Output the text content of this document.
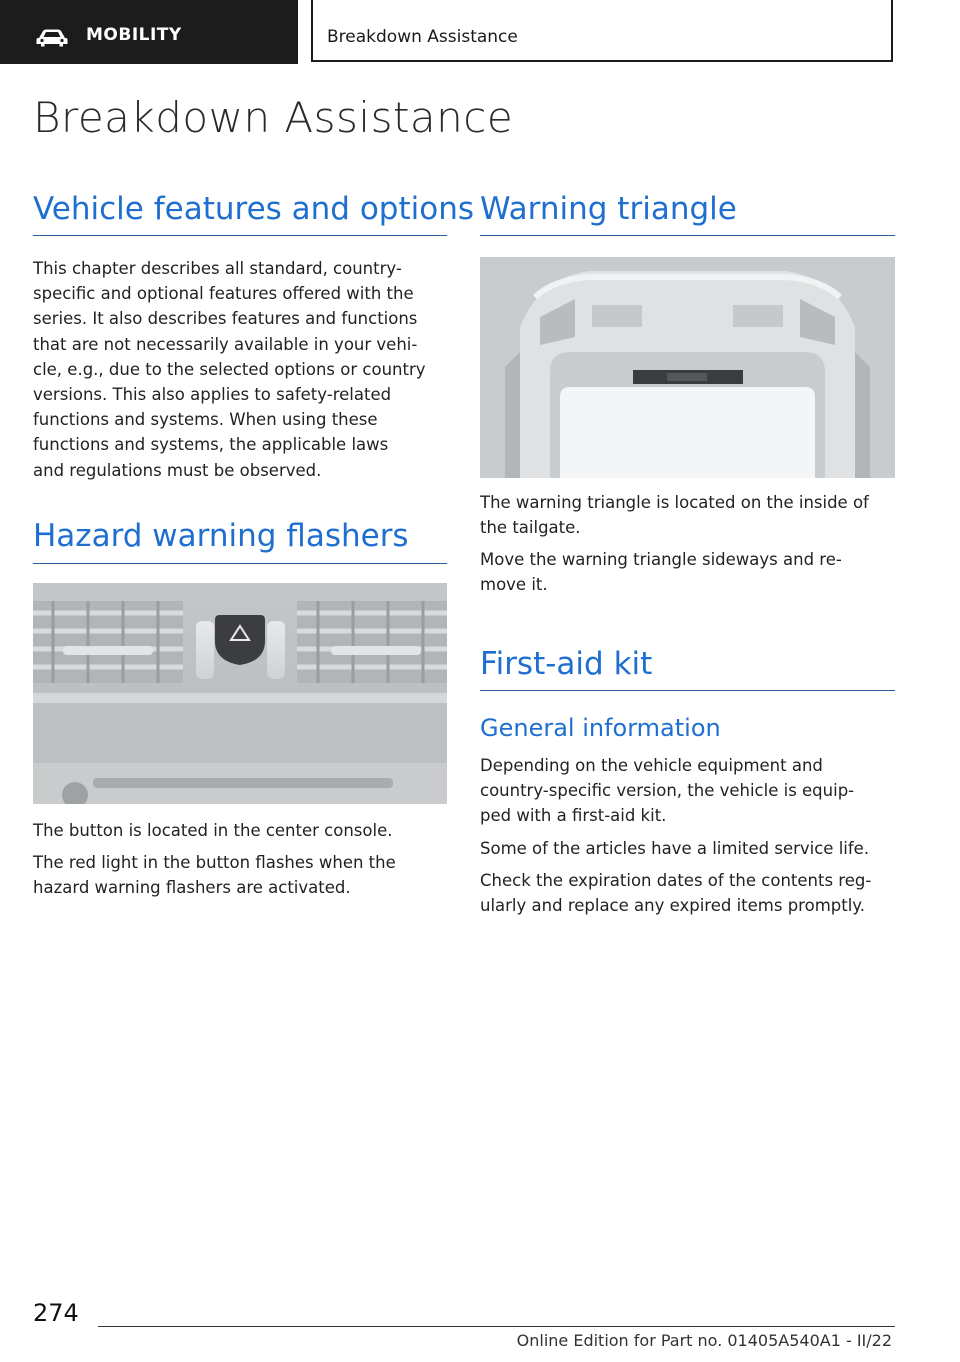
MOBILITY	Breakdown Assistance
Breakdown Assistance
Vehicle features and options

This chapter describes all standard, country-
specific and optional features offered with the
series. It also describes features and functions
that are not necessarily available in your vehi-
cle, e.g., due to the selected options or country
versions. This also applies to safety-related
functions and systems. When using these
functions and systems, the applicable laws
and regulations must be observed.

Hazard warning flashers

The button is located in the center console.

The red light in the button flashes when the
hazard warning flashers are activated.

Warning triangle

The warning triangle is located on the inside of
the tailgate.

Move the warning triangle sideways and re-
move it.

First-aid kit
General information

Depending on the vehicle equipment and
country-specific version, the vehicle is equip-
ped with a first-aid kit.

Some of the articles have a limited service life.

Check the expiration dates of the contents reg-
ularly and replace any expired items promptly.

274
Online Edition for Part no. 01405A540A1 - II/22
